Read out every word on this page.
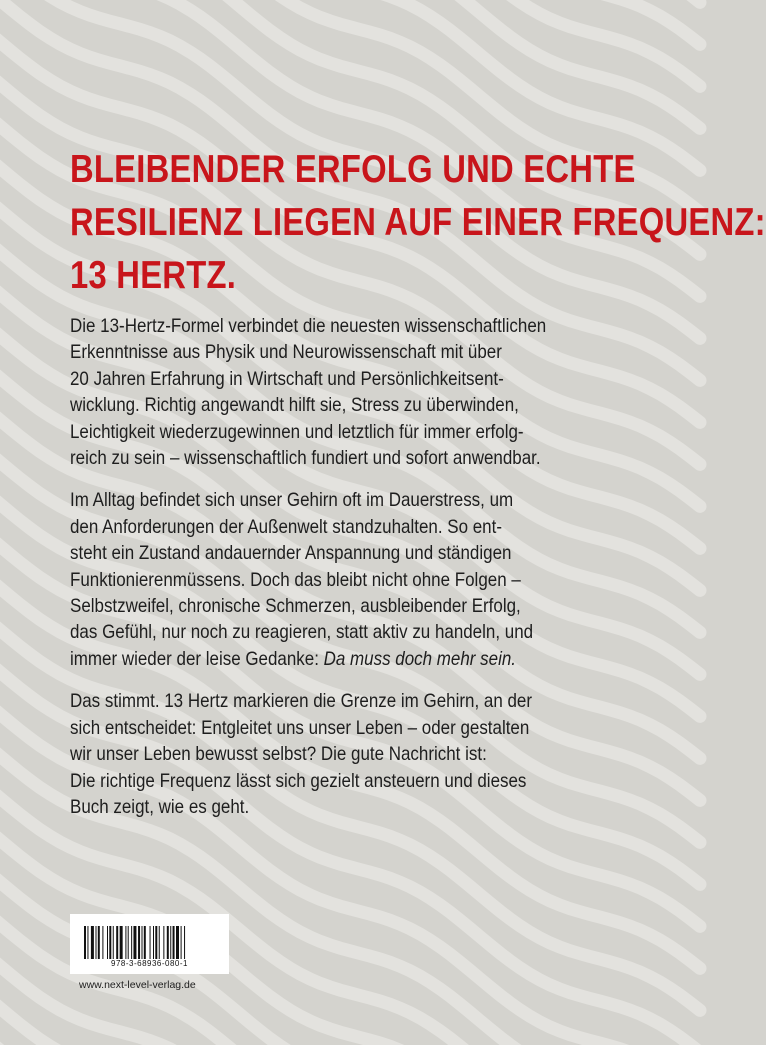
BLEIBENDER ERFOLG UND ECHTE
RESILIENZ LIEGEN AUF EINER FREQUENZ:
13 HERTZ.

Die 13-Hertz-Formel verbindet die neuesten wissenschaftlichen
Erkenntnisse aus Physik und Neurowissenschaft mit über
20 Jahren Erfahrung in Wirtschaft und Persönlichkeitsent-
wicklung. Richtig angewandt hilft sie, Stress zu überwinden,
Leichtigkeit wiederzugewinnen und letztlich für immer erfolg-
reich zu sein – wissenschaftlich fundiert und sofort anwendbar.

Im Alltag befindet sich unser Gehirn oft im Dauerstress, um
den Anforderungen der Außenwelt standzuhalten. So ent-
steht ein Zustand andauernder Anspannung und ständigen
Funktionierenmüssens. Doch das bleibt nicht ohne Folgen –
Selbstzweifel, chronische Schmerzen, ausbleibender Erfolg,
das Gefühl, nur noch zu reagieren, statt aktiv zu handeln, und
immer wieder der leise Gedanke: Da muss doch mehr sein.

Das stimmt. 13 Hertz markieren die Grenze im Gehirn, an der
sich entscheidet: Entgleitet uns unser Leben – oder gestalten
wir unser Leben bewusst selbst? Die gute Nachricht ist:
Die richtige Frequenz lässt sich gezielt ansteuern und dieses
Buch zeigt, wie es geht.

978-3-68936-080-1
www.next-level-verlag.de
